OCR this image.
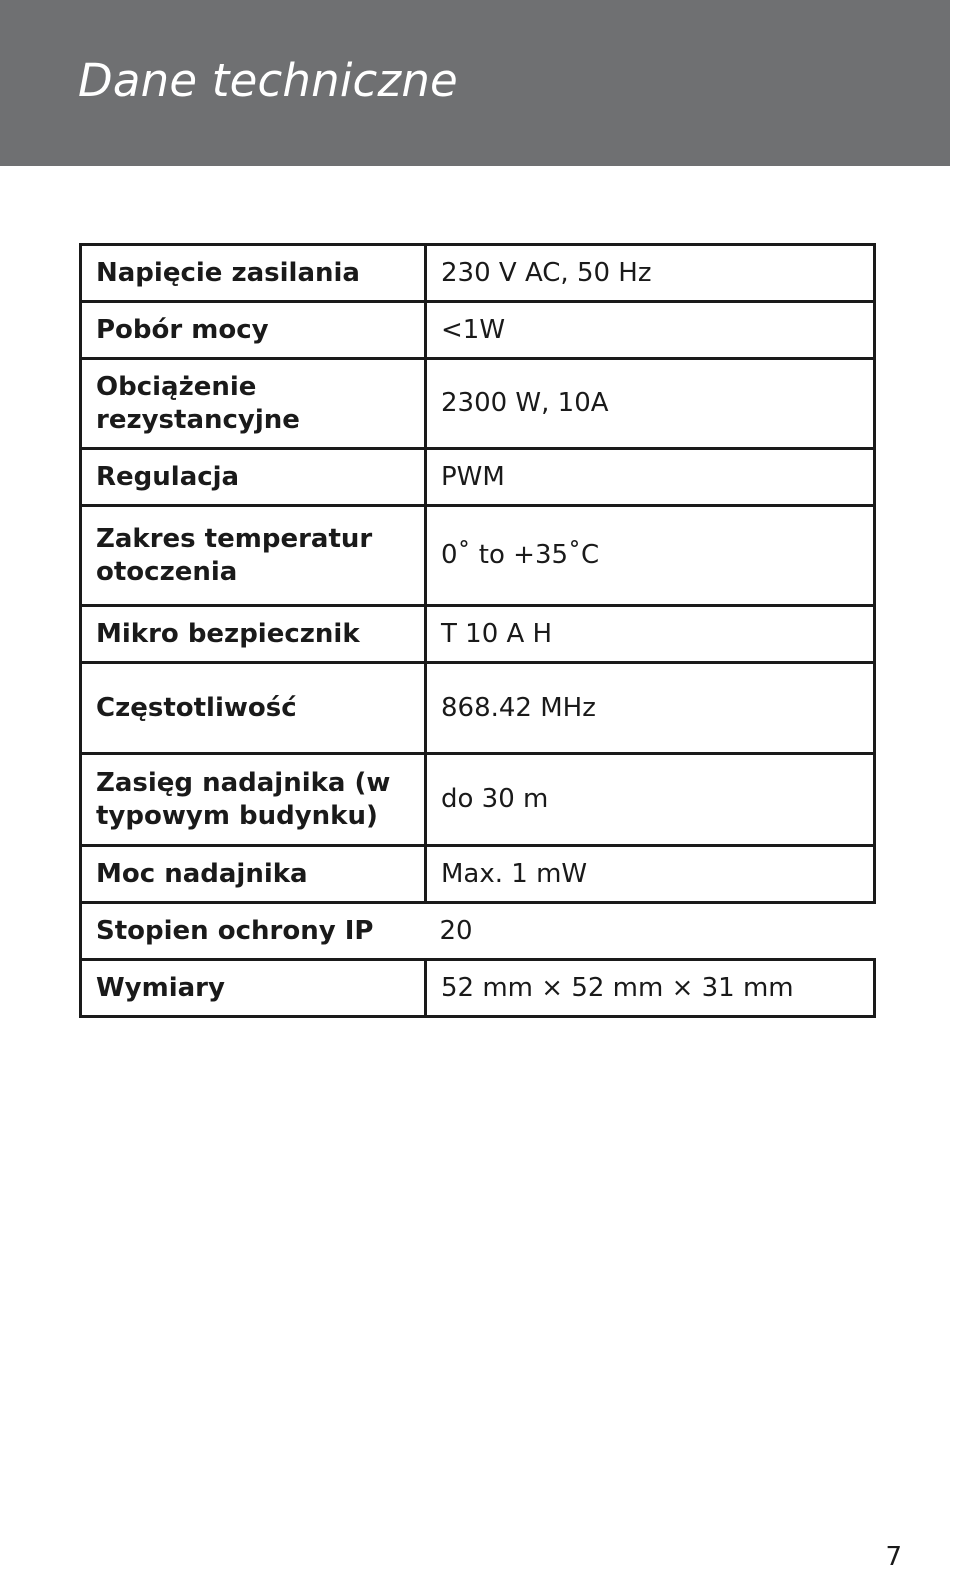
Dane techniczne
Napięcie zasilania	230 V AC, 50 Hz
Pobór mocy	<1W
Obciążenie rezystancyjne	2300 W, 10A
Regulacja	PWM
Zakres temperatur otoczenia	0˚ to +35˚C
Mikro bezpiecznik	T 10 A H
Częstotliwość	868.42 MHz
Zasięg nadajnika (w typowym budynku)	do 30 m
Moc nadajnika	Max. 1 mW
Stopien ochrony IP	20
Wymiary	52 mm × 52 mm × 31 mm
7
